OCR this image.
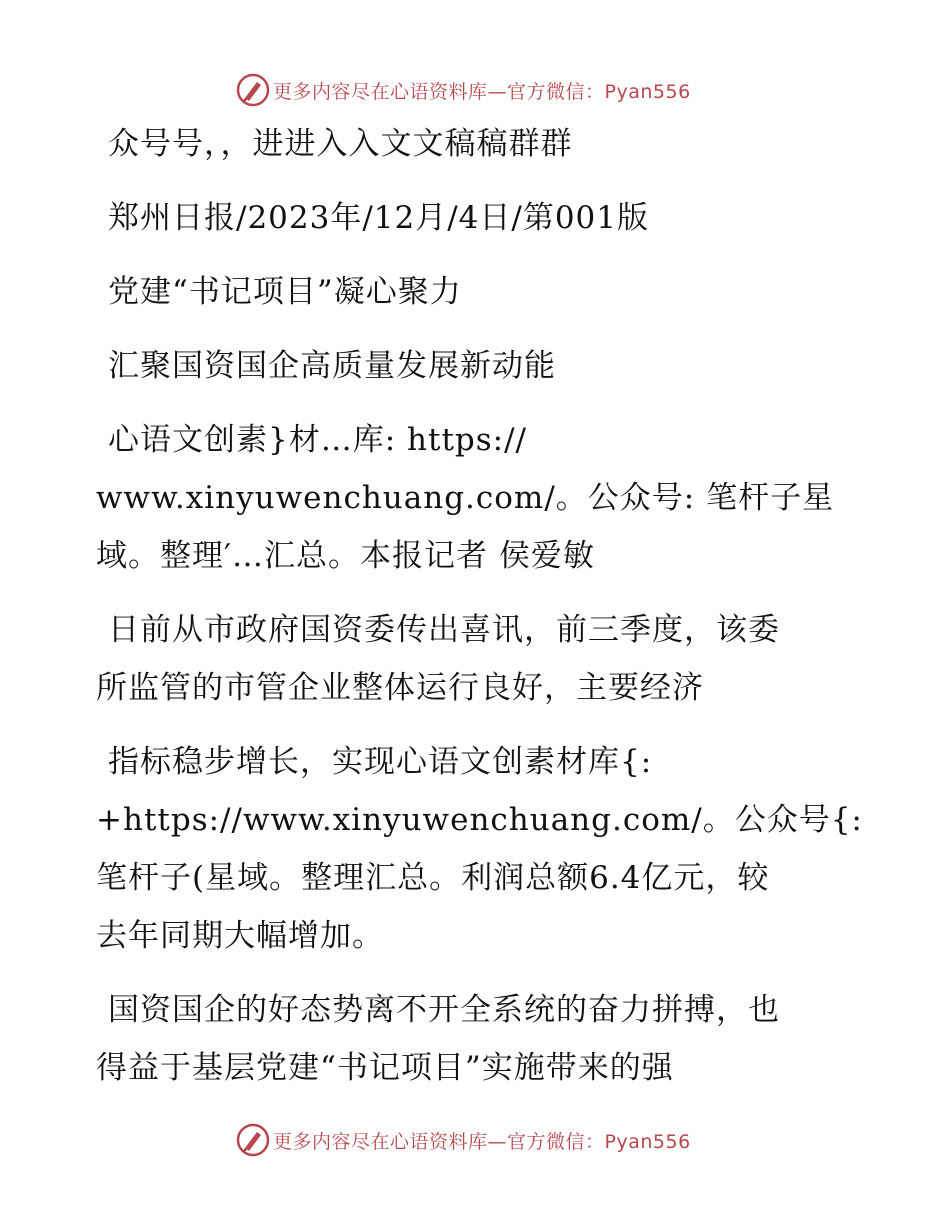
更多内容尽在心语资料库—官方微信：Pyan556
众号号，，进进入入文文稿稿群群
郑州日报/2023年/12月/4日/第001版
党建“书记项目”凝心聚力
汇聚国资国企高质量发展新动能
心语文创素}材…库: https://
www.xinyuwenchuang.com/。公众号: 笔杆子星
域。整理′…汇总。本报记者 侯爱敏
日前从市政府国资委传出喜讯，前三季度，该委
所监管的市管企业整体运行良好，主要经济
指标稳步增长，实现心语文创素材库{:
+https://www.xinyuwenchuang.com/。公众号{:
笔杆子(星域。整理汇总。利润总额6.4亿元，较
去年同期大幅增加。
国资国企的好态势离不开全系统的奋力拼搏，也
得益于基层党建“书记项目”实施带来的强
更多内容尽在心语资料库—官方微信：Pyan556
